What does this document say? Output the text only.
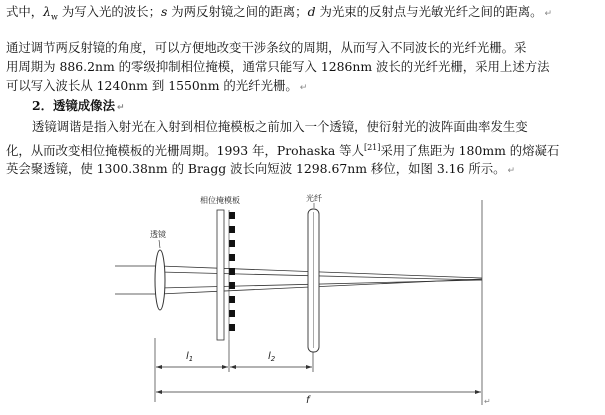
式中，$\lambda_w$ 为写入光的波长；s 为两反射镜之间的距离；d 为光束的反射点与光敏光纤之间的距离。 ↵
通过调节两反射镜的角度，可以方便地改变干涉条纹的周期，从而写入不同波长的光纤光栅。采
用周期为 886.2nm 的零级抑制相位掩模，通常只能写入 1286nm 波长的光纤光栅，采用上述方法
可以写入波长从 1240nm 到 1550nm 的光纤光栅。 ↵
2．透镜成像法 ↵
透镜调谐是指入射光在入射到相位掩模板之前加入一个透镜，使衍射光的波阵面曲率发生变
化，从而改变相位掩模板的光栅周期。1993 年，Prohaska 等人[21]采用了焦距为 180mm 的熔凝石
英会聚透镜，使 1300.38nm 的 Bragg 波长向短波 1298.67nm 移位，如图 3.16 所示。 ↵
透镜
相位掩模板	光纤
$l_1$	$l_2$
f	↵
